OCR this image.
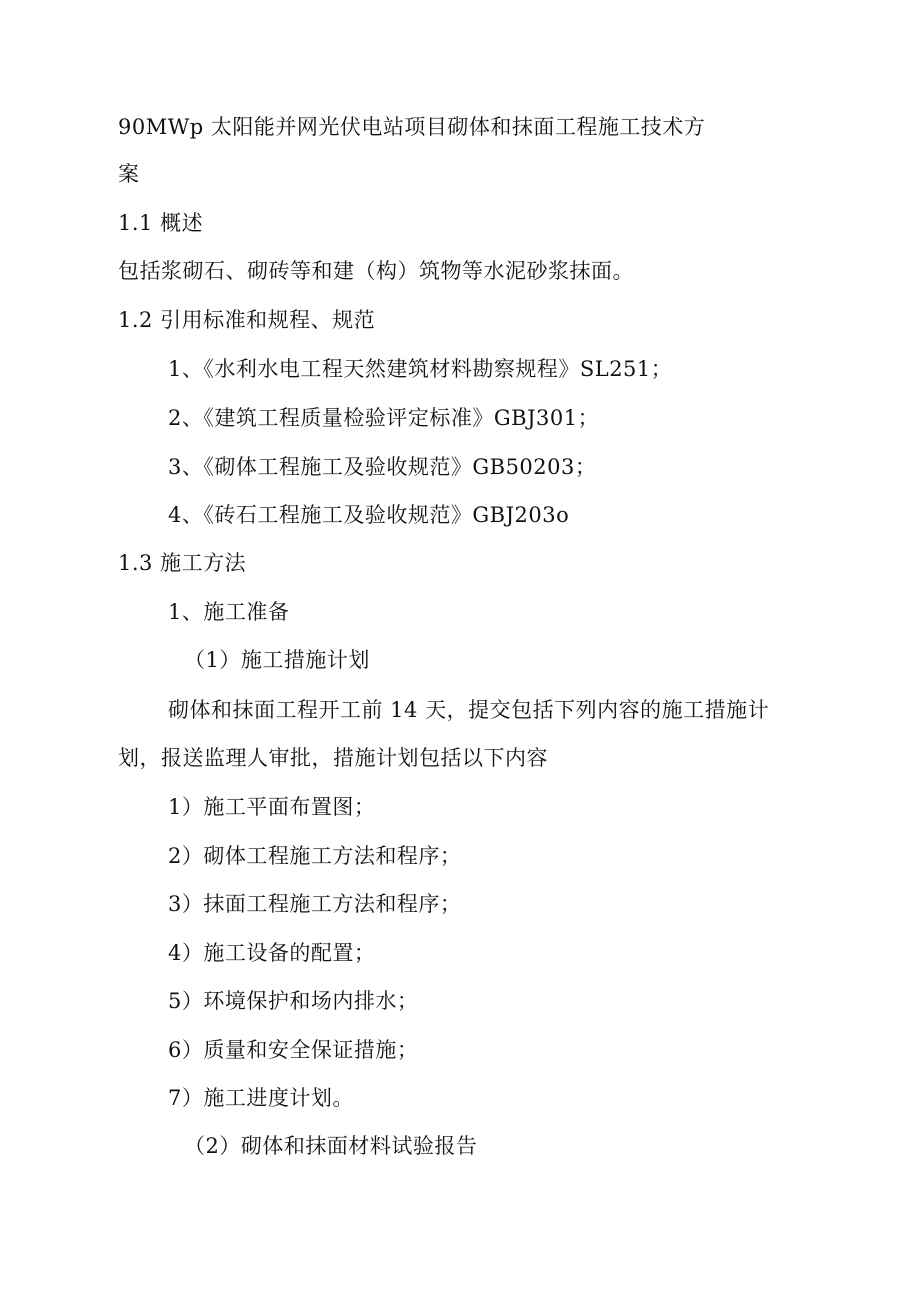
90MWp 太阳能并网光伏电站项目砌体和抹面工程施工技术方
案
1.1 概述
包括浆砌石、砌砖等和建（构）筑物等水泥砂浆抹面。
1.2 引用标准和规程、规范
1、《水利水电工程天然建筑材料勘察规程》SL251；
2、《建筑工程质量检验评定标准》GBJ301；
3、《砌体工程施工及验收规范》GB50203；
4、《砖石工程施工及验收规范》GBJ203o
1.3 施工方法
1、施工准备
（1）施工措施计划
砌体和抹面工程开工前 14 天，提交包括下列内容的施工措施计
划，报送监理人审批，措施计划包括以下内容
1）施工平面布置图；
2）砌体工程施工方法和程序；
3）抹面工程施工方法和程序；
4）施工设备的配置；
5）环境保护和场内排水；
6）质量和安全保证措施；
7）施工进度计划。
（2）砌体和抹面材料试验报告
